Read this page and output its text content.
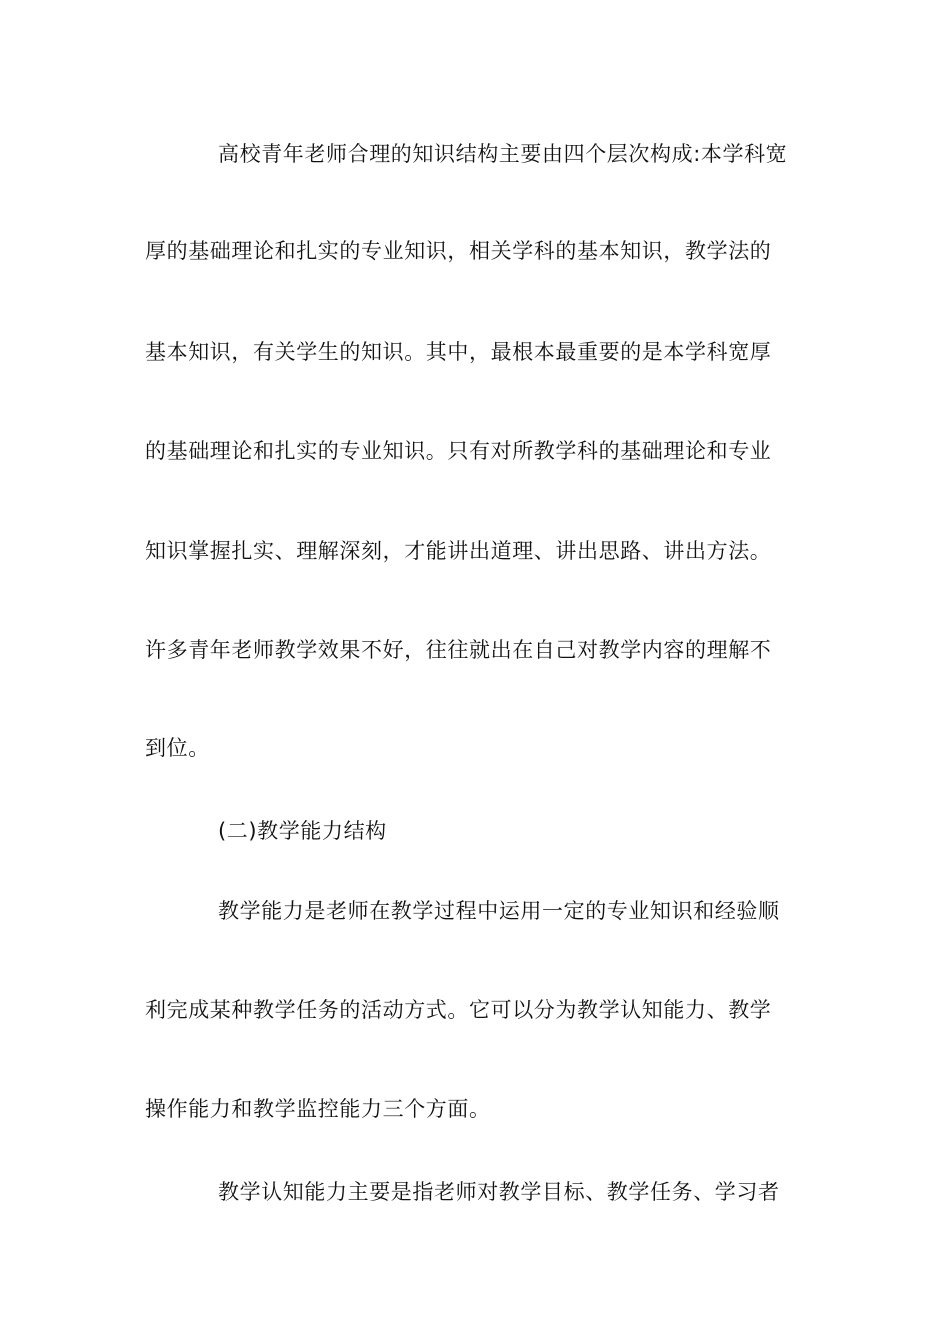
高校青年老师合理的知识结构主要由四个层次构成:本学科宽
厚的基础理论和扎实的专业知识，相关学科的基本知识，教学法的
基本知识，有关学生的知识。其中，最根本最重要的是本学科宽厚
的基础理论和扎实的专业知识。只有对所教学科的基础理论和专业
知识掌握扎实、理解深刻，才能讲出道理、讲出思路、讲出方法。
许多青年老师教学效果不好，往往就出在自己对教学内容的理解不
到位。
(二)教学能力结构
教学能力是老师在教学过程中运用一定的专业知识和经验顺
利完成某种教学任务的活动方式。它可以分为教学认知能力、教学
操作能力和教学监控能力三个方面。
教学认知能力主要是指老师对教学目标、教学任务、学习者
